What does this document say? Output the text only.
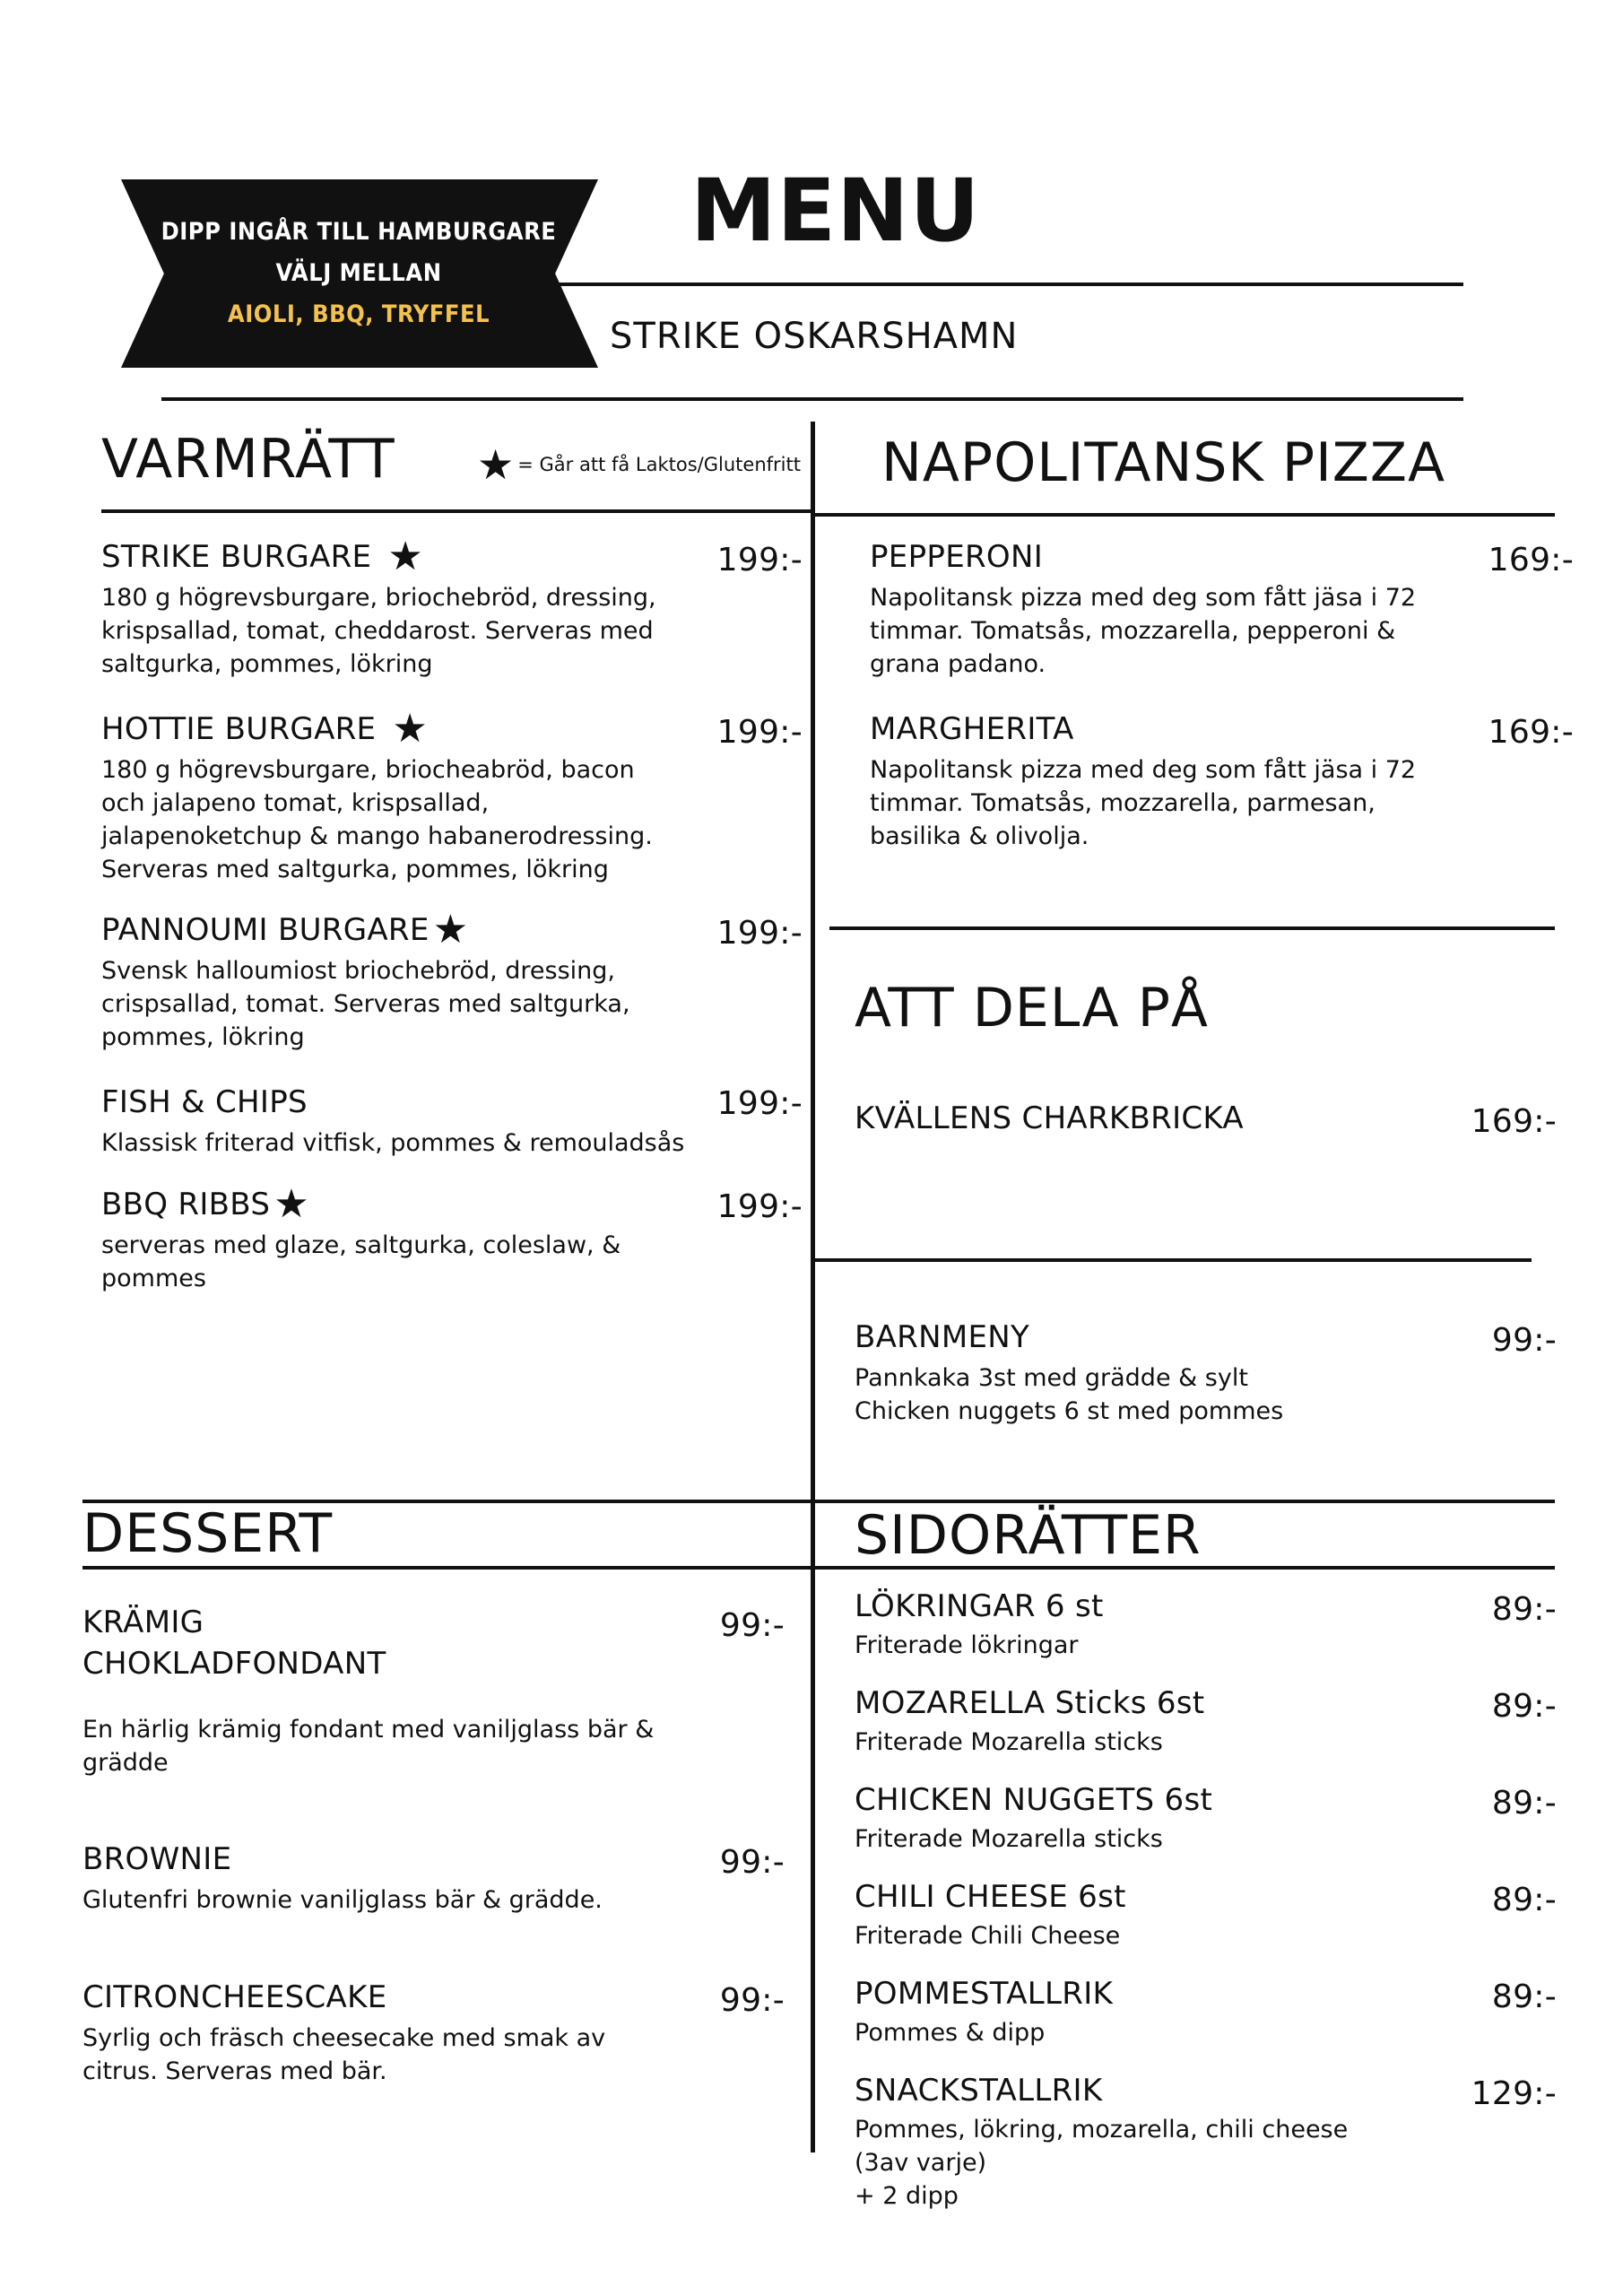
DIPP INGÅR TILL HAMBURGARE
VÄLJ MELLAN
AIOLI, BBQ, TRYFFEL
MENU
STRIKE OSKARSHAMN
VARMRÄTT ★ = Går att få Laktos/Glutenfritt
STRIKE BURGARE ★	199:-
180 g högrevsburgare, briochebröd, dressing,
krispsallad, tomat, cheddarost. Serveras med
saltgurka, pommes, lökring
HOTTIE BURGARE ★	199:-
180 g högrevsburgare, briocheabröd, bacon
och jalapeno tomat, krispsallad,
jalapenoketchup & mango habanerodressing.
Serveras med saltgurka, pommes, lökring
PANNOUMI BURGARE ★	199:-
Svensk halloumiost briochebröd, dressing,
crispsallad, tomat. Serveras med saltgurka,
pommes, lökring
FISH & CHIPS	199:-
Klassisk friterad vitfisk, pommes & remouladsås
BBQ RIBBS ★	199:-
serveras med glaze, saltgurka, coleslaw, &
pommes
NAPOLITANSK PIZZA
PEPPERONI	169:-
Napolitansk pizza med deg som fått jäsa i 72
timmar. Tomatsås, mozzarella, pepperoni &
grana padano.
MARGHERITA	169:-
Napolitansk pizza med deg som fått jäsa i 72
timmar. Tomatsås, mozzarella, parmesan,
basilika & olivolja.
ATT DELA PÅ
KVÄLLENS CHARKBRICKA	169:-
BARNMENY	99:-
Pannkaka 3st med grädde & sylt
Chicken nuggets 6 st med pommes
DESSERT
KRÄMIG
CHOKLADFONDANT
99:-
En härlig krämig fondant med vaniljglass bär &
grädde
BROWNIE	99:-
Glutenfri brownie vaniljglass bär & grädde.
CITRONCHEESCAKE	99:-
Syrlig och fräsch cheesecake med smak av
citrus. Serveras med bär.
SIDORÄTTER
LÖKRINGAR 6 st	89:-
Friterade lökringar
MOZARELLA Sticks 6st	89:-
Friterade Mozarella sticks
CHICKEN NUGGETS 6st	89:-
Friterade Mozarella sticks
CHILI CHEESE 6st	89:-
Friterade Chili Cheese
POMMESTALLRIK	89:-
Pommes & dipp
SNACKSTALLRIK	129:-
Pommes, lökring, mozarella, chili cheese
(3av varje)
+ 2 dipp
